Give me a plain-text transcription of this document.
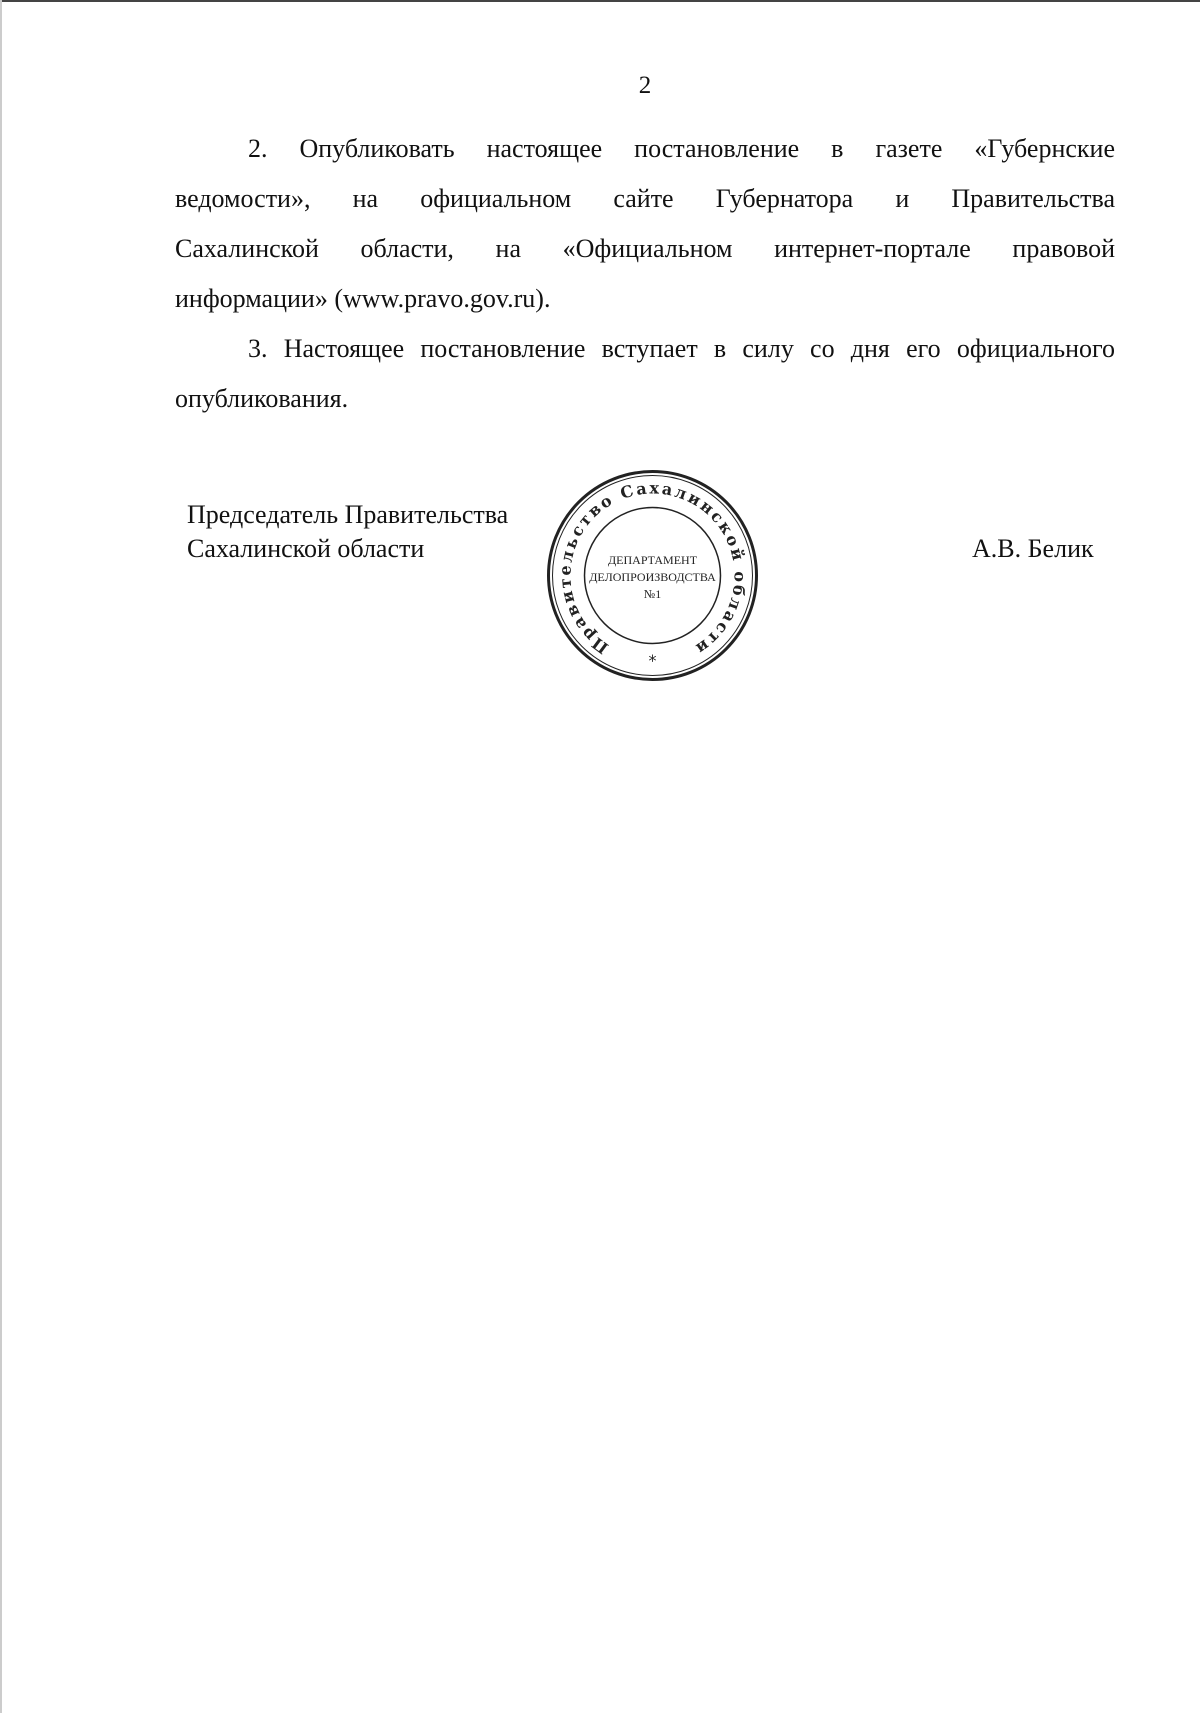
2
2. Опубликовать настоящее постановление в газете «Губернские
ведомости», на официальном сайте Губернатора и Правительства
Сахалинской области, на «Официальном интернет-портале правовой
информации» (www.pravo.gov.ru).
3. Настоящее постановление вступает в силу со дня его официального
опубликования.
Председатель Правительства
Сахалинской области	А.В. Белик
Правительство Сахалинской области
ДЕПАРТАМЕНТ
ДЕЛОПРОИЗВОДСТВА
№1
*
